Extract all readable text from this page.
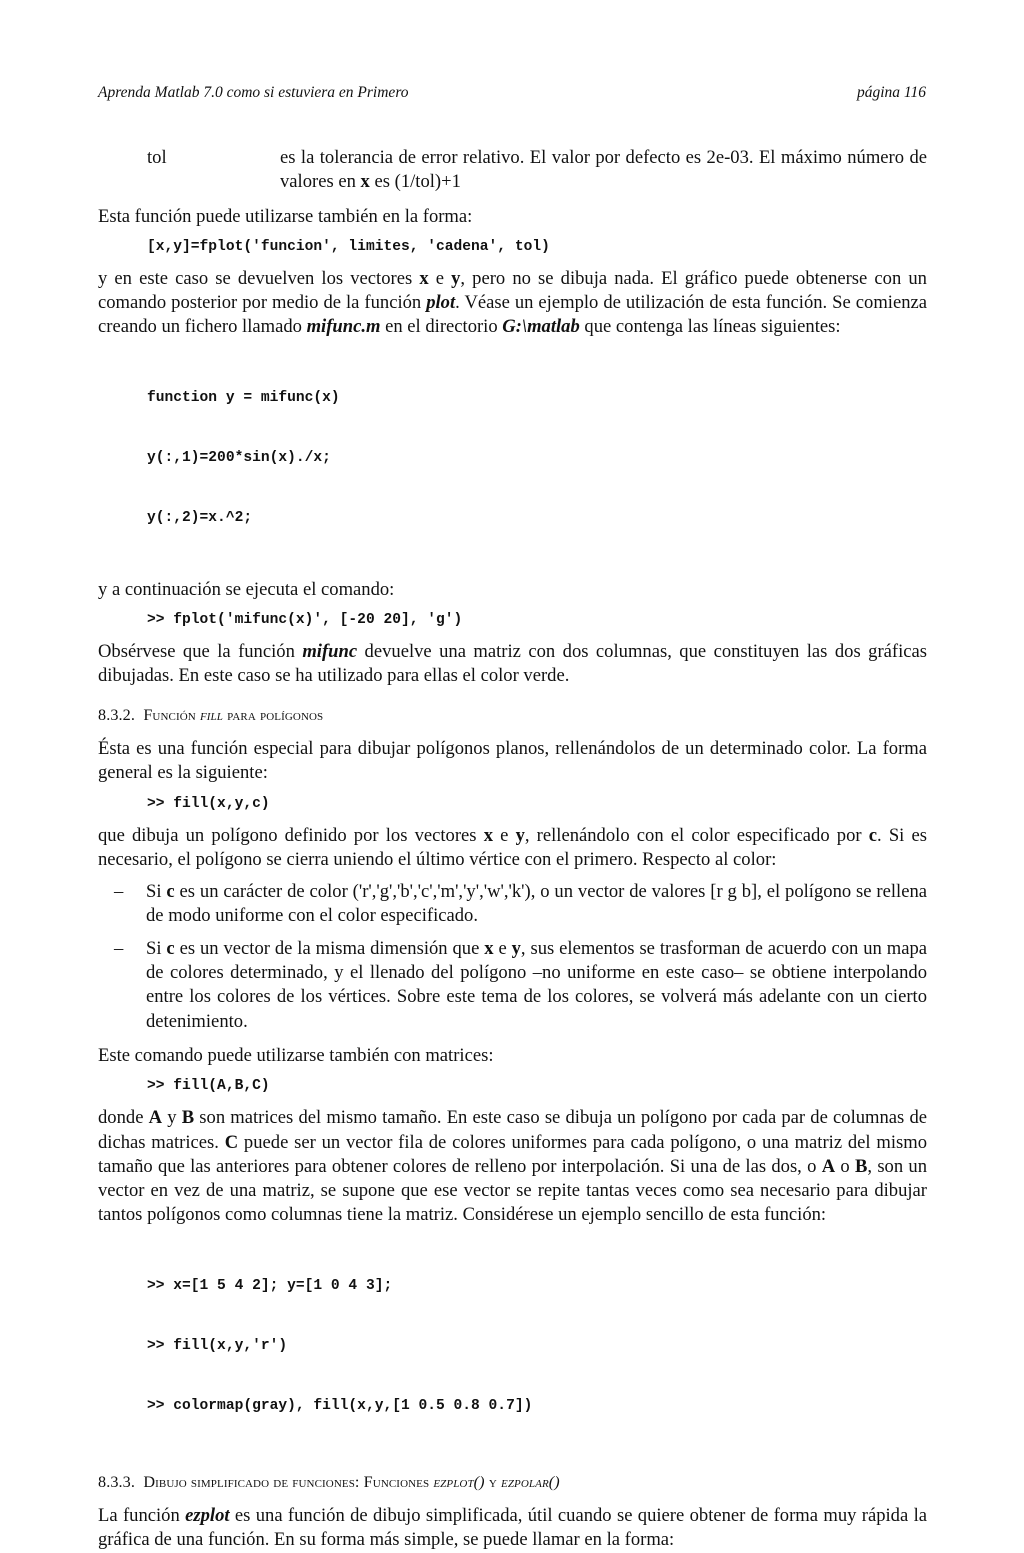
Aprenda Matlab 7.0 como si estuviera en Primero	página 116
tol	es la tolerancia de error relativo. El valor por defecto es 2e-03. El máximo número de valores en x es (1/tol)+1

Esta función puede utilizarse también en la forma:

[x,y]=fplot('funcion', limites, 'cadena', tol)

y en este caso se devuelven los vectores x e y, pero no se dibuja nada. El gráfico puede obtenerse con un comando posterior por medio de la función plot. Véase un ejemplo de utilización de esta función. Se comienza creando un fichero llamado mifunc.m en el directorio G:\matlab que contenga las líneas siguientes:

function y = mifunc(x)

y(:,1)=200*sin(x)./x;

y(:,2)=x.^2;

y a continuación se ejecuta el comando:

>> fplot('mifunc(x)', [-20 20], 'g')

Obsérvese que la función mifunc devuelve una matriz con dos columnas, que constituyen las dos gráficas dibujadas. En este caso se ha utilizado para ellas el color verde.

8.3.2. Función fill para polígonos

Ésta es una función especial para dibujar polígonos planos, rellenándolos de un determinado color. La forma general es la siguiente:

>> fill(x,y,c)

que dibuja un polígono definido por los vectores x e y, rellenándolo con el color especificado por c. Si es necesario, el polígono se cierra uniendo el último vértice con el primero. Respecto al color:

–	Si c es un carácter de color ('r','g','b','c','m','y','w','k'), o un vector de valores [r g b], el polígono se rellena de modo uniforme con el color especificado.
–	Si c es un vector de la misma dimensión que x e y, sus elementos se trasforman de acuerdo con un mapa de colores determinado, y el llenado del polígono –no uniforme en este caso– se obtiene interpolando entre los colores de los vértices. Sobre este tema de los colores, se volverá más adelante con un cierto detenimiento.

Este comando puede utilizarse también con matrices:

>> fill(A,B,C)

donde A y B son matrices del mismo tamaño. En este caso se dibuja un polígono por cada par de columnas de dichas matrices. C puede ser un vector fila de colores uniformes para cada polígono, o una matriz del mismo tamaño que las anteriores para obtener colores de relleno por interpolación. Si una de las dos, o A o B, son un vector en vez de una matriz, se supone que ese vector se repite tantas veces como sea necesario para dibujar tantos polígonos como columnas tiene la matriz. Considérese un ejemplo sencillo de esta función:

>> x=[1 5 4 2]; y=[1 0 4 3];

>> fill(x,y,'r')

>> colormap(gray), fill(x,y,[1 0.5 0.8 0.7])

8.3.3. Dibujo simplificado de funciones: Funciones ezplot() y ezpolar()

La función ezplot es una función de dibujo simplificada, útil cuando se quiere obtener de forma muy rápida la gráfica de una función. En su forma más simple, se puede llamar en la forma:
